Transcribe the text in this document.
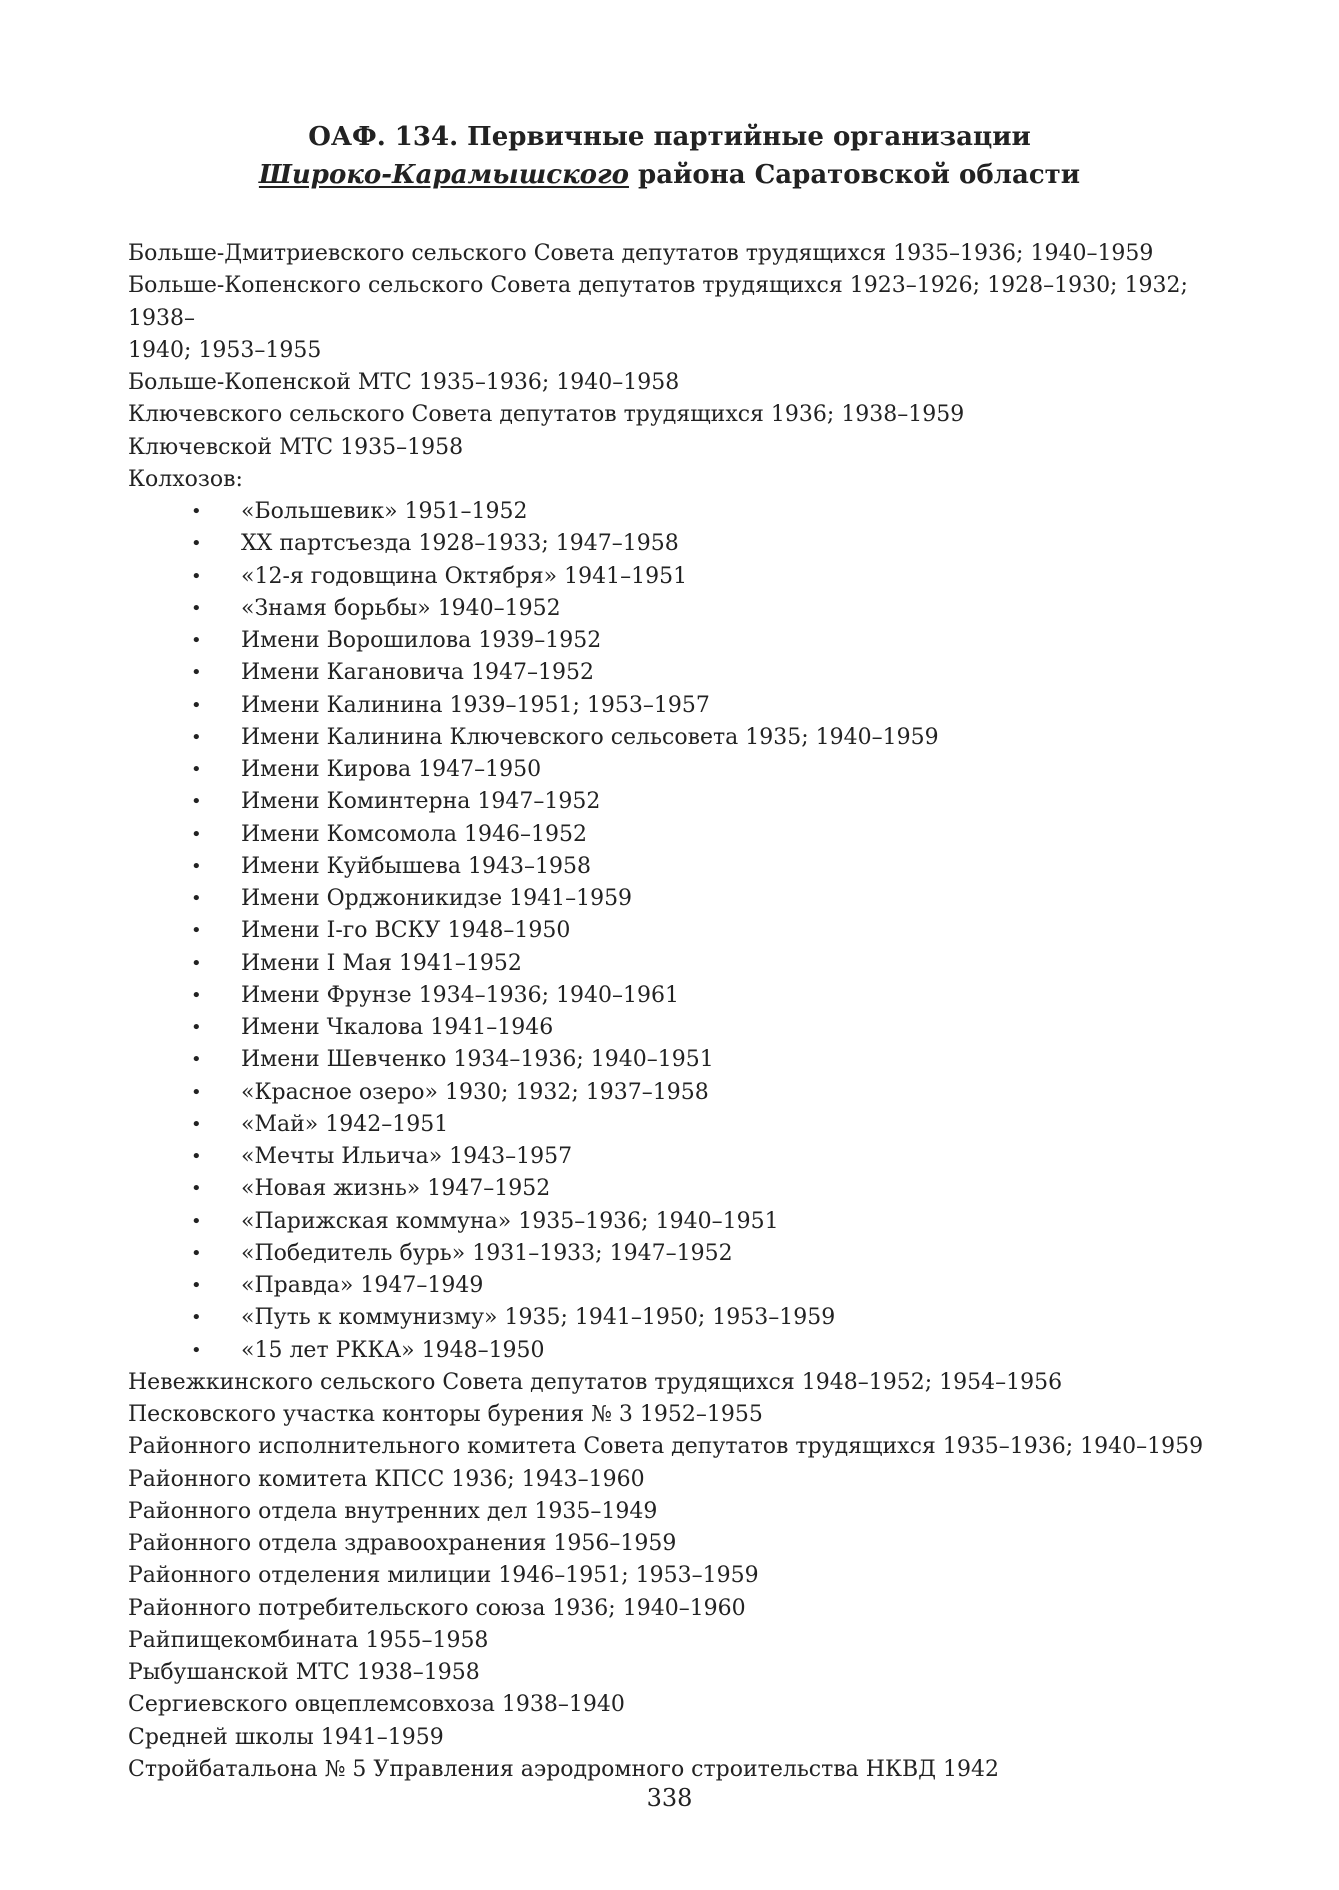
ОАФ. 134. Первичные партийные организации
Широко-Карамышского района Саратовской области

Больше-Дмитриевского сельского Совета депутатов трудящихся 1935–1936; 1940–1959

Больше-Копенского сельского Совета депутатов трудящихся 1923–1926; 1928–1930; 1932; 1938–

1940; 1953–1955

Больше-Копенской МТС 1935–1936; 1940–1958

Ключевского сельского Совета депутатов трудящихся 1936; 1938–1959

Ключевской МТС 1935–1958

Колхозов:

• «Большевик» 1951–1952
• XX партсъезда 1928–1933; 1947–1958
• «12-я годовщина Октября» 1941–1951
• «Знамя борьбы» 1940–1952
• Имени Ворошилова 1939–1952
• Имени Кагановича 1947–1952
• Имени Калинина 1939–1951; 1953–1957
• Имени Калинина Ключевского сельсовета 1935; 1940–1959
• Имени Кирова 1947–1950
• Имени Коминтерна 1947–1952
• Имени Комсомола 1946–1952
• Имени Куйбышева 1943–1958
• Имени Орджоникидзе 1941–1959
• Имени I-го ВСКУ 1948–1950
• Имени I Мая 1941–1952
• Имени Фрунзе 1934–1936; 1940–1961
• Имени Чкалова 1941–1946
• Имени Шевченко 1934–1936; 1940–1951
• «Красное озеро» 1930; 1932; 1937–1958
• «Май» 1942–1951
• «Мечты Ильича» 1943–1957
• «Новая жизнь» 1947–1952
• «Парижская коммуна» 1935–1936; 1940–1951
• «Победитель бурь» 1931–1933; 1947–1952
• «Правда» 1947–1949
• «Путь к коммунизму» 1935; 1941–1950; 1953–1959
• «15 лет РККА» 1948–1950

Невежкинского сельского Совета депутатов трудящихся 1948–1952; 1954–1956

Песковского участка конторы бурения № 3 1952–1955

Районного исполнительного комитета Совета депутатов трудящихся 1935–1936; 1940–1959

Районного комитета КПСС 1936; 1943–1960

Районного отдела внутренних дел 1935–1949

Районного отдела здравоохранения 1956–1959

Районного отделения милиции 1946–1951; 1953–1959

Районного потребительского союза 1936; 1940–1960

Райпищекомбината 1955–1958

Рыбушанской МТС 1938–1958

Сергиевского овцеплемсовхоза 1938–1940

Средней школы 1941–1959

Стройбатальона № 5 Управления аэродромного строительства НКВД 1942

338
